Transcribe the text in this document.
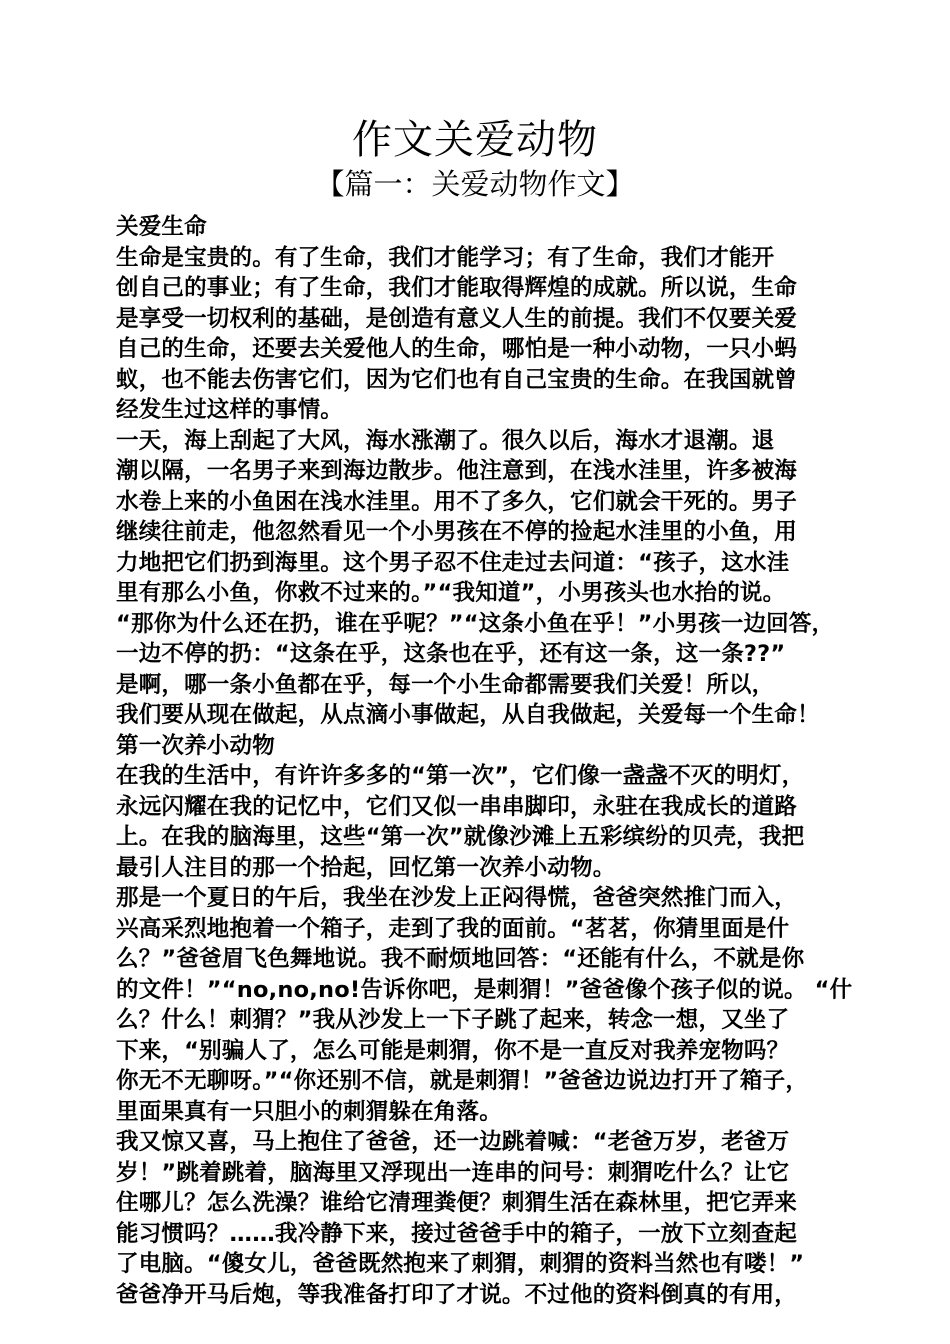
作文关爱动物
【篇一：关爱动物作文】
关爱生命
生命是宝贵的。有了生命，我们才能学习；有了生命，我们才能开
创自己的事业；有了生命，我们才能取得辉煌的成就。所以说，生命
是享受一切权利的基础，是创造有意义人生的前提。我们不仅要关爱
自己的生命，还要去关爱他人的生命，哪怕是一种小动物，一只小蚂
蚁，也不能去伤害它们，因为它们也有自己宝贵的生命。在我国就曾
经发生过这样的事情。
一天，海上刮起了大风，海水涨潮了。很久以后，海水才退潮。退
潮以隔，一名男子来到海边散步。他注意到，在浅水洼里，许多被海
水卷上来的小鱼困在浅水洼里。用不了多久，它们就会干死的。男子
继续往前走，他忽然看见一个小男孩在不停的捡起水洼里的小鱼，用
力地把它们扔到海里。这个男子忍不住走过去问道：“孩子，这水洼
里有那么小鱼，你救不过来的。”“我知道”，小男孩头也水抬的说。
“那你为什么还在扔，谁在乎呢？”“这条小鱼在乎！”小男孩一边回答，
一边不停的扔：“这条在乎，这条也在乎，还有这一条，这一条??”
是啊，哪一条小鱼都在乎，每一个小生命都需要我们关爱！所以，
我们要从现在做起，从点滴小事做起，从自我做起，关爱每一个生命！
第一次养小动物
在我的生活中，有许许多多的“第一次”，它们像一盏盏不灭的明灯，
永远闪耀在我的记忆中，它们又似一串串脚印，永驻在我成长的道路
上。在我的脑海里，这些“第一次”就像沙滩上五彩缤纷的贝壳，我把
最引人注目的那一个拾起，回忆第一次养小动物。
那是一个夏日的午后，我坐在沙发上正闷得慌，爸爸突然推门而入，
兴高采烈地抱着一个箱子，走到了我的面前。“茗茗，你猜里面是什
么？”爸爸眉飞色舞地说。我不耐烦地回答：“还能有什么，不就是你
的文件！”“no,no,no!告诉你吧，是刺猬！”爸爸像个孩子似的说。 “什
么？什么！刺猬？”我从沙发上一下子跳了起来，转念一想，又坐了
下来，“别骗人了，怎么可能是刺猬，你不是一直反对我养宠物吗？
你无不无聊呀。”“你还别不信，就是刺猬！”爸爸边说边打开了箱子，
里面果真有一只胆小的刺猬躲在角落。
我又惊又喜，马上抱住了爸爸，还一边跳着喊：“老爸万岁，老爸万
岁！”跳着跳着，脑海里又浮现出一连串的问号：刺猬吃什么？让它
住哪儿？怎么洗澡？谁给它清理粪便？刺猬生活在森林里，把它弄来
能习惯吗？……我冷静下来，接过爸爸手中的箱子，一放下立刻查起
了电脑。“傻女儿，爸爸既然抱来了刺猬，刺猬的资料当然也有喽！”
爸爸净开马后炮，等我准备打印了才说。不过他的资料倒真的有用，
